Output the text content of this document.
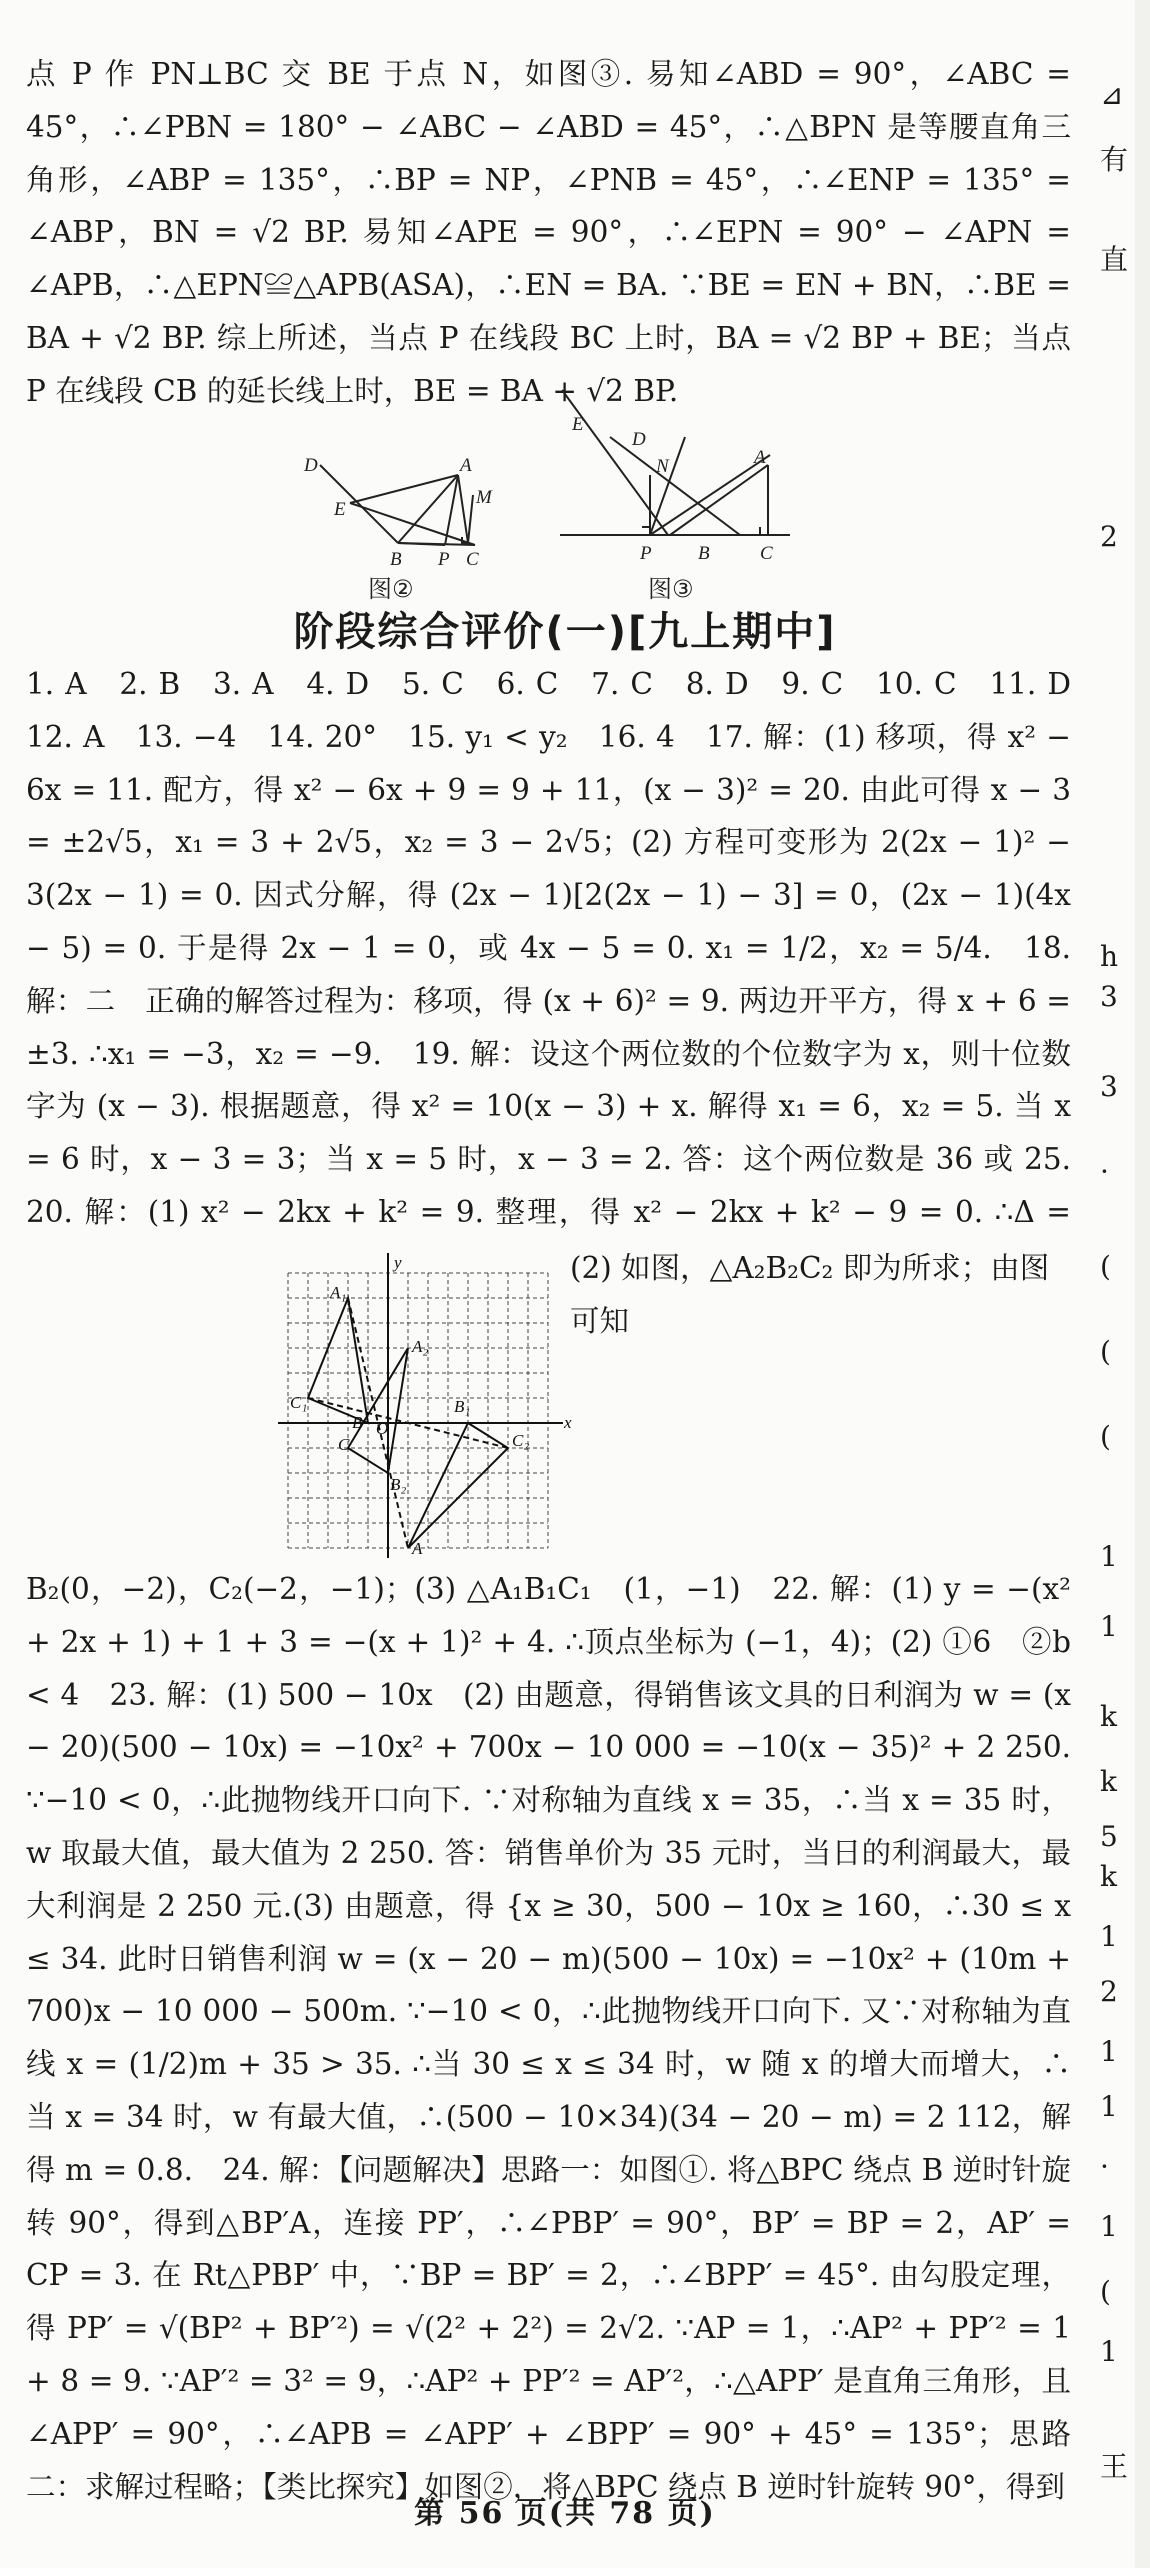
点 P 作 PN⊥BC 交 BE 于点 N，如图③. 易知∠ABD = 90°，∠ABC = 45°，∴∠PBN = 180° − ∠ABC − ∠ABD = 45°，∴△BPN 是等腰直角三角形，∠ABP = 135°，∴BP = NP，∠PNB = 45°，∴∠ENP = 135° = ∠ABP，BN = √2 BP. 易知∠APE = 90°，∴∠EPN = 90° − ∠APN = ∠APB，∴△EPN≌△APB(ASA)，∴EN = BA. ∵BE = EN + BN，∴BE = BA + √2 BP. 综上所述，当点 P 在线段 BC 上时，BA = √2 BP + BE；当点 P 在线段 CB 的延长线上时，BE = BA + √2 BP.

D	A
E
M
B P C
图②
E
D
N	A
P B	C
图③
阶段综合评价(一)[九上期中]

1. A　2. B　3. A　4. D　5. C　6. C　7. C　8. D　9. C　10. C　11. D　12. A　13. −4　14. 20°　15. y₁ < y₂　16. 4　17. 解：(1) 移项，得 x² − 6x = 11. 配方，得 x² − 6x + 9 = 9 + 11，(x − 3)² = 20. 由此可得 x − 3 = ±2√5，x₁ = 3 + 2√5，x₂ = 3 − 2√5；(2) 方程可变形为 2(2x − 1)² − 3(2x − 1) = 0. 因式分解，得 (2x − 1)[2(2x − 1) − 3] = 0，(2x − 1)(4x − 5) = 0. 于是得 2x − 1 = 0，或 4x − 5 = 0. x₁ = 1/2，x₂ = 5/4.　18. 解：二　正确的解答过程为：移项，得 (x + 6)² = 9. 两边开平方，得 x + 6 = ±3. ∴x₁ = −3，x₂ = −9.　19. 解：设这个两位数的个位数字为 x，则十位数字为 (x − 3). 根据题意，得 x² = 10(x − 3) + x. 解得 x₁ = 6，x₂ = 5. 当 x = 6 时，x − 3 = 3；当 x = 5 时，x − 3 = 2. 答：这个两位数是 36 或 25.　20. 解：(1) x² − 2kx + k² = 9. 整理，得 x² − 2kx + k² − 9 = 0. ∴Δ = 　

(2) 如图，△A₂B₂C₂ 即为所求；由图可知
y
A₁
A₂
C₁
B O
B₁
C₂
C
B₂
A
x

B₂(0，−2)，C₂(−2，−1)；(3) △A₁B₁C₁　(1，−1)　22. 解：(1) y = −(x² + 2x + 1) + 1 + 3 = −(x + 1)² + 4. ∴顶点坐标为 (−1，4)；(2) ①6　②b < 4　23. 解：(1) 500 − 10x　(2) 由题意，得销售该文具的日利润为 w = (x − 20)(500 − 10x) = −10x² + 700x − 10 000 = −10(x − 35)² + 2 250. ∵−10 < 0，∴此抛物线开口向下. ∵对称轴为直线 x = 35，∴当 x = 35 时，w 取最大值，最大值为 2 250. 答：销售单价为 35 元时，当日的利润最大，最大利润是 2 250 元.(3) 由题意，得 {x ≥ 30，500 − 10x ≥ 160，∴30 ≤ x ≤ 34. 此时日销售利润 w = (x − 20 − m)(500 − 10x) = −10x² + (10m + 700)x − 10 000 − 500m. ∵−10 < 0，∴此抛物线开口向下. 又∵对称轴为直线 x = (1/2)m + 35 > 35. ∴当 30 ≤ x ≤ 34 时，w 随 x 的增大而增大，∴当 x = 34 时，w 有最大值，∴(500 − 10×34)(34 − 20 − m) = 2 112，解得 m = 0.8.　24. 解：【问题解决】思路一：如图①. 将△BPC 绕点 B 逆时针旋转 90°，得到△BP′A，连接 PP′，∴∠PBP′ = 90°，BP′ = BP = 2，AP′ = CP = 3. 在 Rt△PBP′ 中，∵BP = BP′ = 2，∴∠BPP′ = 45°. 由勾股定理，得 PP′ = √(BP² + BP′²) = √(2² + 2²) = 2√2. ∵AP = 1，∴AP² + PP′² = 1 + 8 = 9. ∵AP′² = 3² = 9，∴AP² + PP′² = AP′²，∴△APP′ 是直角三角形，且∠APP′ = 90°，∴∠APB = ∠APP′ + ∠BPP′ = 90° + 45° = 135°；思路二：求解过程略；【类比探究】如图②，将△BPC 绕点 B 逆时针旋转 90°，得到

第 56 页(共 78 页)
⊿
有
直
2
h
3
3
·
(
(
(
1
1
k
k
5
k
1
2
1
1
·
1
(
1
王
